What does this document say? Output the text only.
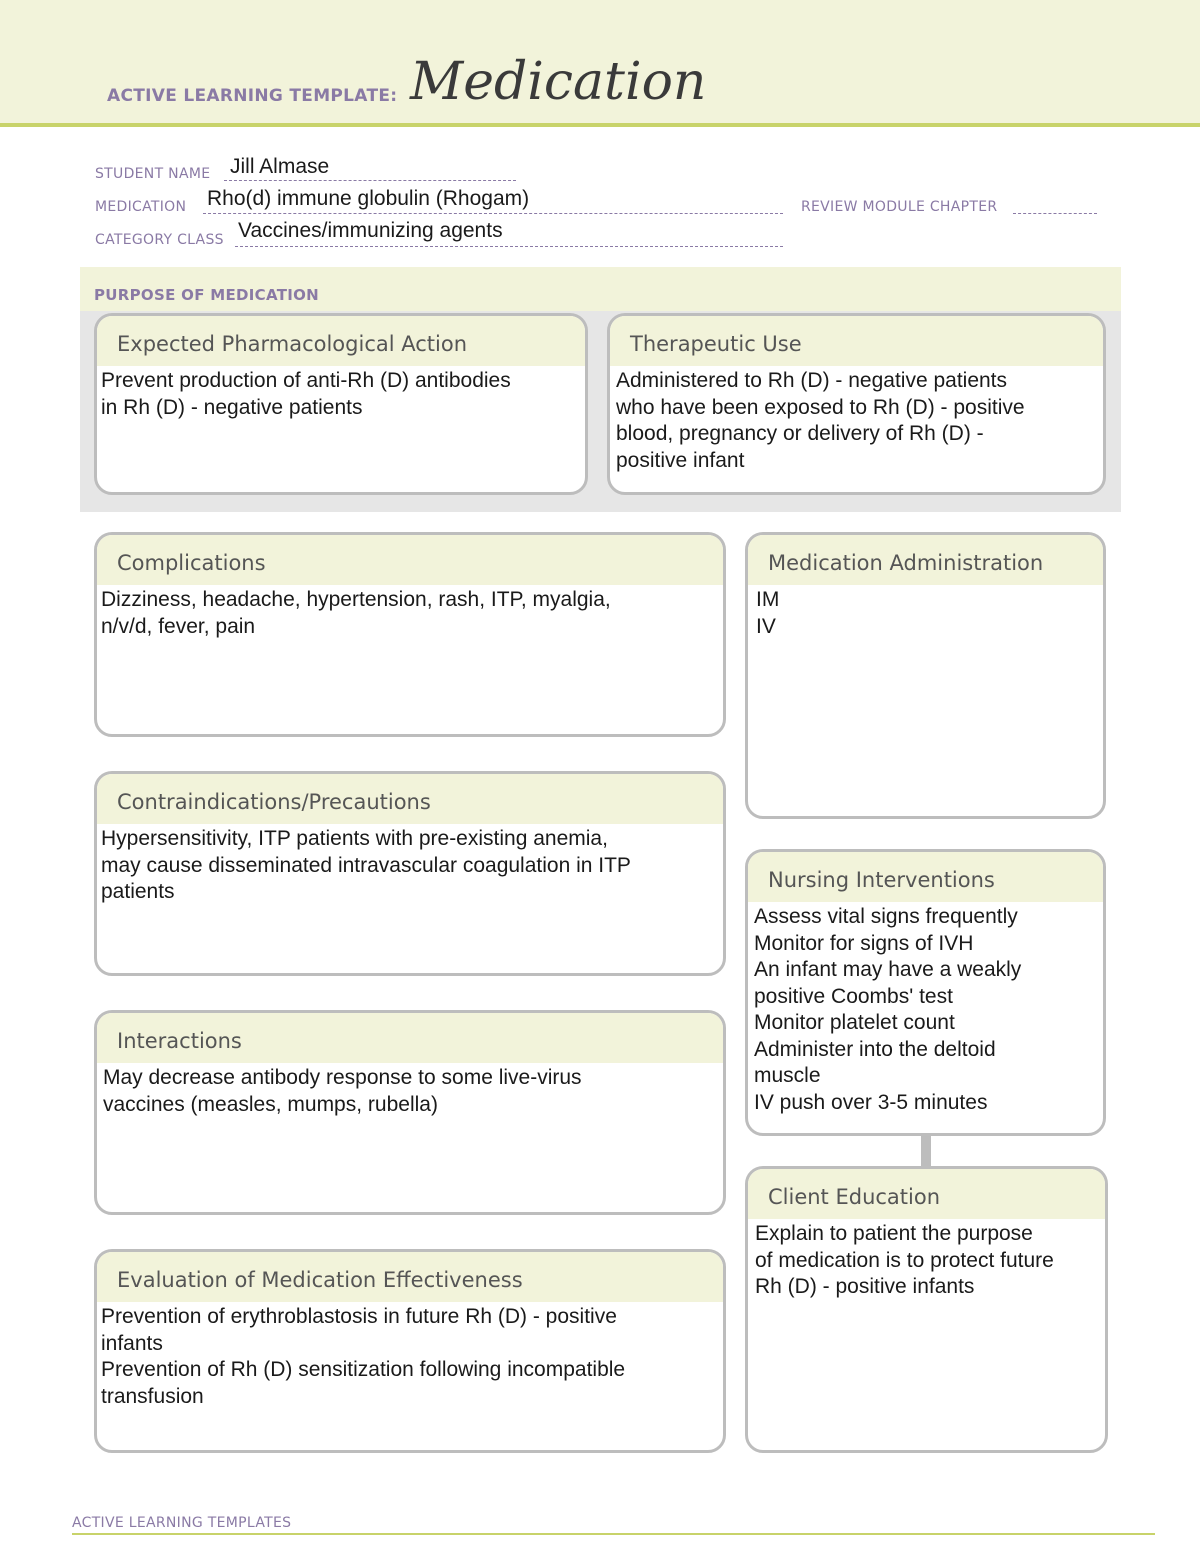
ACTIVE LEARNING TEMPLATE: Medication
STUDENT NAME Jill Almase
MEDICATION Rho(d) immune globulin (Rhogam)	REVIEW MODULE CHAPTER
CATEGORY CLASS Vaccines/immunizing agents
PURPOSE OF MEDICATION
Expected Pharmacological Action
Prevent production of anti-Rh (D) antibodies
in Rh (D) - negative patients
Therapeutic Use
Administered to Rh (D) - negative patients
who have been exposed to Rh (D) - positive
blood, pregnancy or delivery of Rh (D) -
positive infant
Complications
Dizziness, headache, hypertension, rash, ITP, myalgia,
n/v/d, fever, pain
Medication Administration
IM
IV
Contraindications/Precautions
Hypersensitivity, ITP patients with pre-existing anemia,
may cause disseminated intravascular coagulation in ITP
patients	Nursing Interventions
Assess vital signs frequently
Monitor for signs of IVH
An infant may have a weakly
positive Coombs' test
Monitor platelet count
Administer into the deltoid
muscle
IV push over 3-5 minutes
Interactions
May decrease antibody response to some live-virus
vaccines (measles, mumps, rubella)
Client Education
Explain to patient the purpose
of medication is to protect future
Rh (D) - positive infants
Evaluation of Medication Effectiveness
Prevention of erythroblastosis in future Rh (D) - positive
infants
Prevention of Rh (D) sensitization following incompatible
transfusion
ACTIVE LEARNING TEMPLATES
